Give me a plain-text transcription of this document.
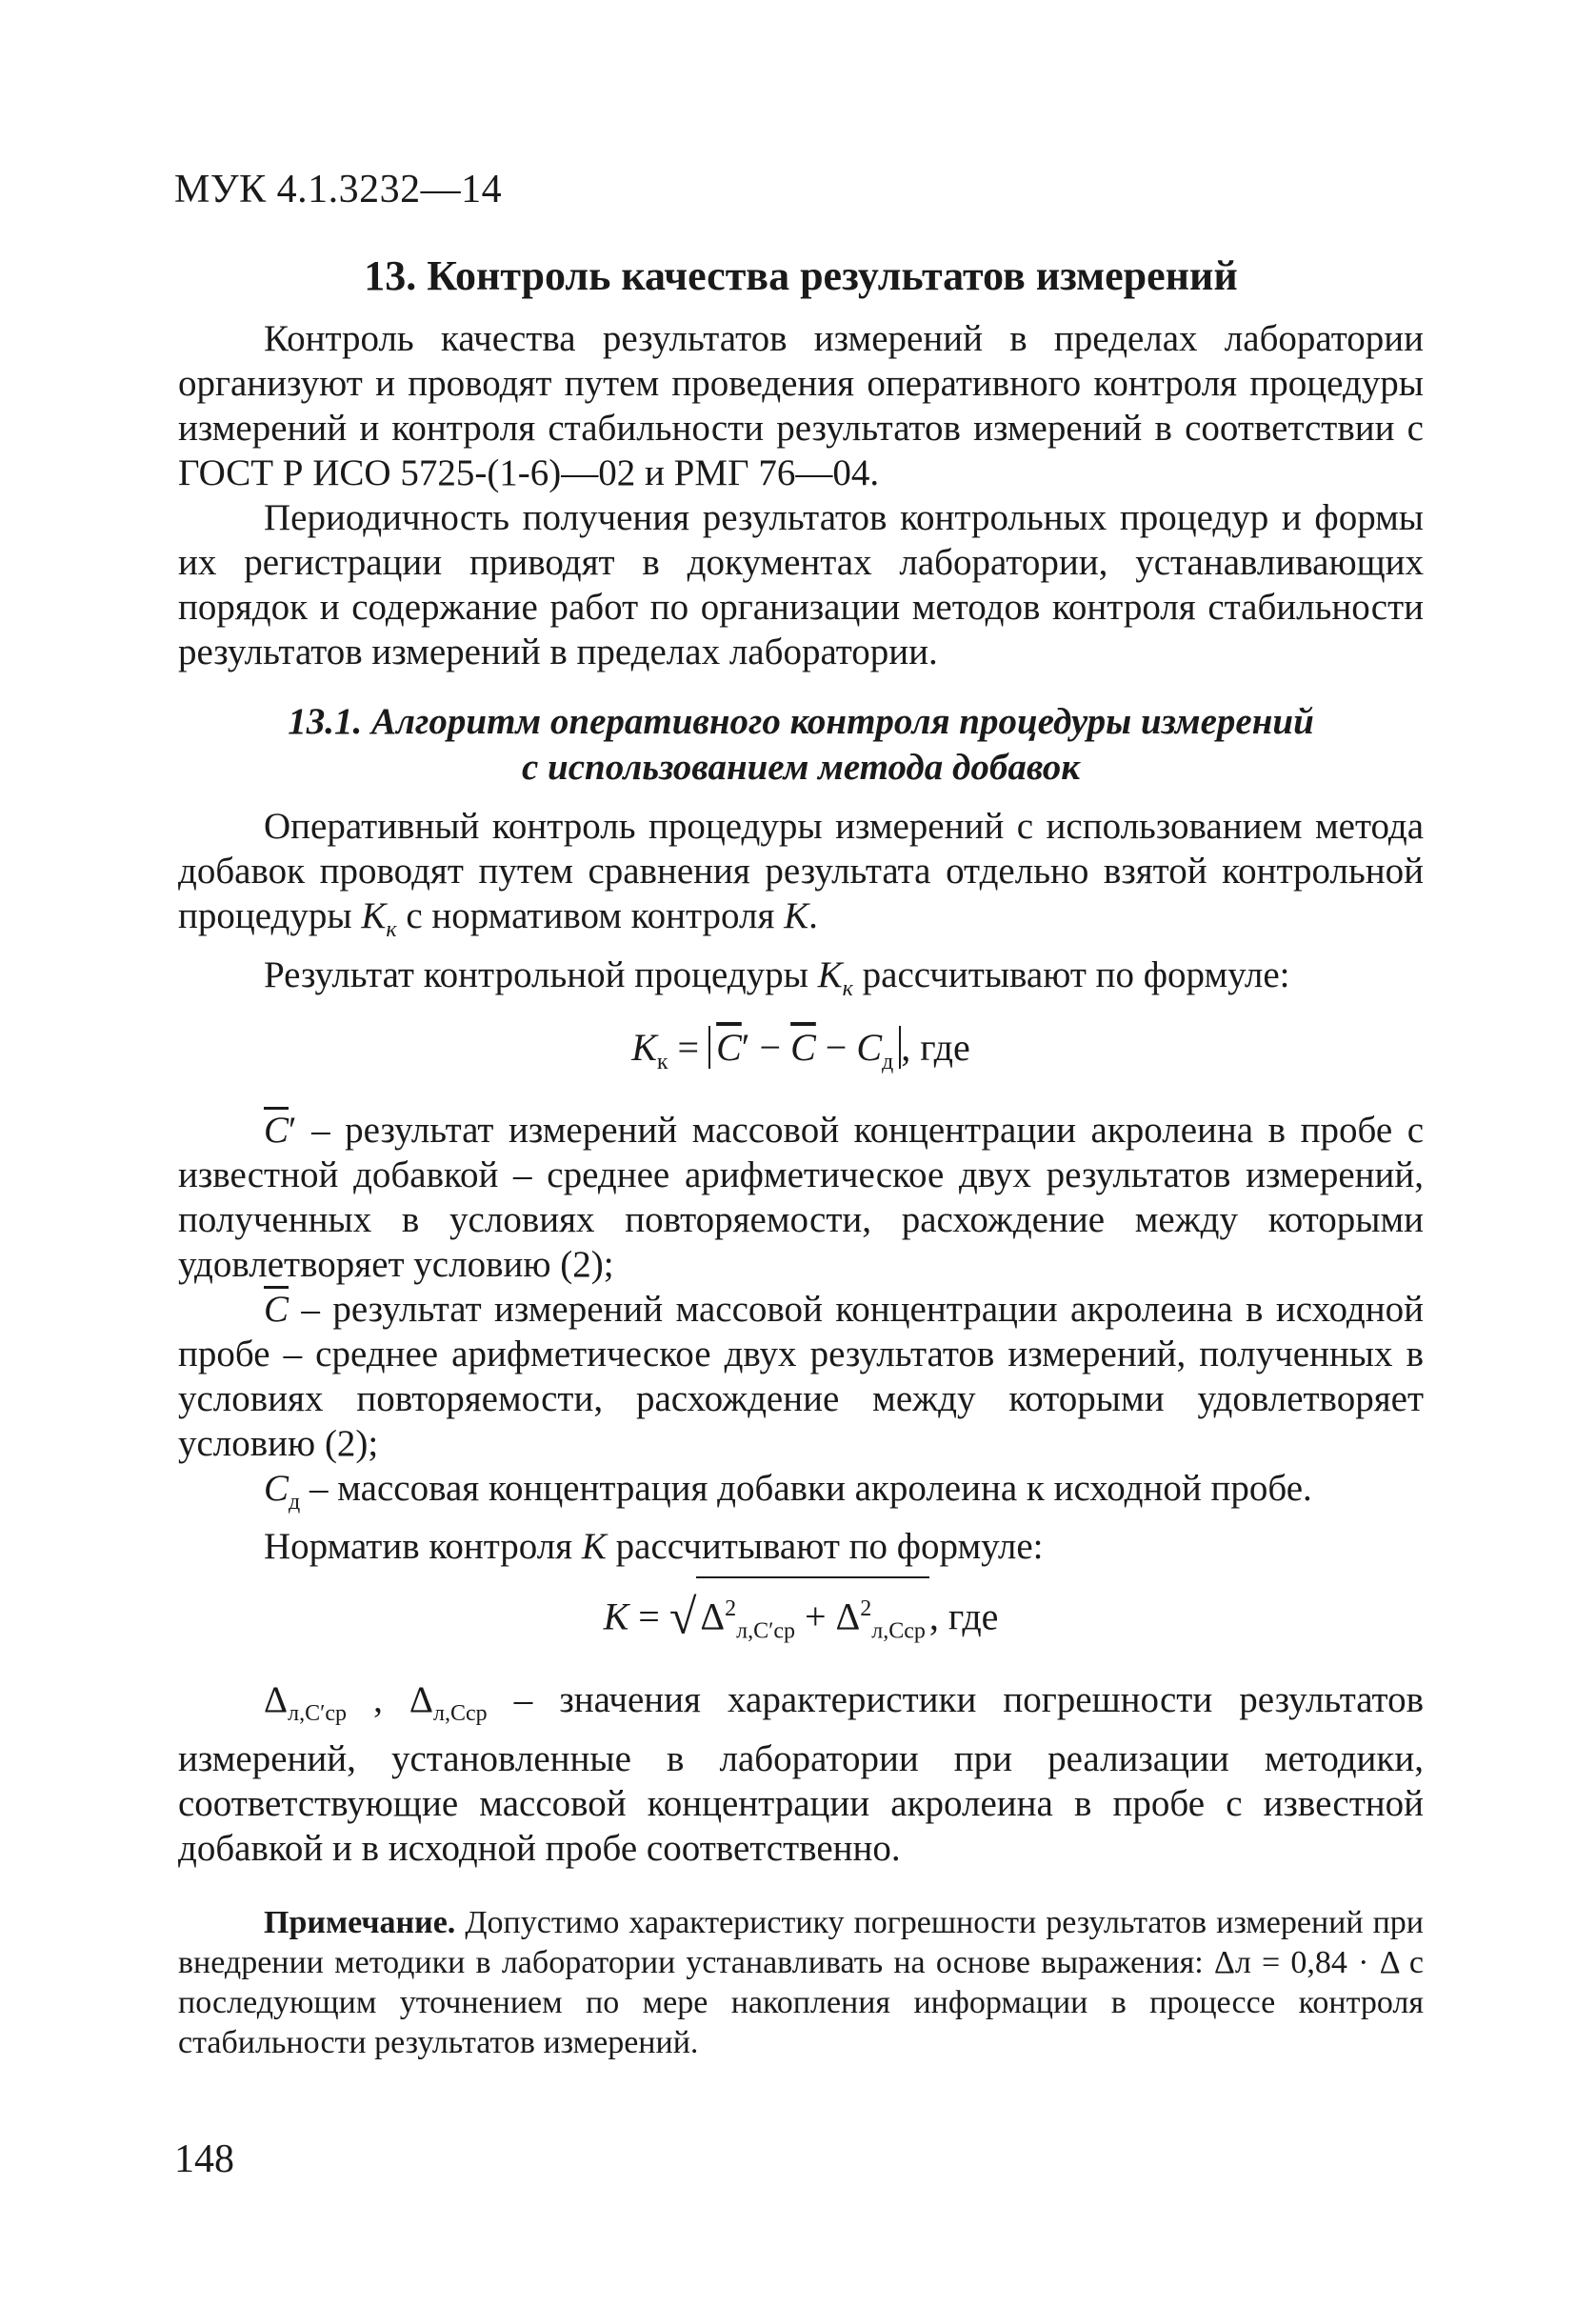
МУК 4.1.3232—14
13. Контроль качества результатов измерений

Контроль качества результатов измерений в пределах лаборатории организуют и проводят путем проведения оперативного контроля процедуры измерений и контроля стабильности результатов измерений в соответствии с ГОСТ Р ИСО 5725-(1-6)—02 и РМГ 76—04.

Периодичность получения результатов контрольных процедур и формы их регистрации приводят в документах лаборатории, устанавливающих порядок и содержание работ по организации методов контроля стабильности результатов измерений в пределах лаборатории.

13.1. Алгоритм оперативного контроля процедуры измерений
с использованием метода добавок

Оперативный контроль процедуры измерений с использованием метода добавок проводят путем сравнения результата отдельно взятой контрольной процедуры $K_к$ с нормативом контроля K.

Результат контрольной процедуры $K_к$ рассчитывают по формуле:

$K_к = \overline{C}' - \overline{C} - C_д$ , где

$\overline{C}'$ – результат измерений массовой концентрации акролеина в пробе с известной добавкой – среднее арифметическое двух результатов измерений, полученных в условиях повторяемости, расхождение между которыми удовлетворяет условию (2);

$\overline{C}$ – результат измерений массовой концентрации акролеина в исходной пробе – среднее арифметическое двух результатов измерений, полученных в условиях повторяемости, расхождение между которыми удовлетворяет условию (2);

$C_д$ – массовая концентрация добавки акролеина к исходной пробе.

Норматив контроля K рассчитывают по формуле:

K = √ $\Delta^2_{л,C'ср} + \Delta^2_{л,Cср}$ , где

$\Delta_{л,C'ср}$ , $\Delta_{л,Cср}$ – значения характеристики погрешности результатов измерений, установленные в лаборатории при реализации методики, соответствующие массовой концентрации акролеина в пробе с известной добавкой и в исходной пробе соответственно.

Примечание. Допустимо характеристику погрешности результатов измерений при внедрении методики в лаборатории устанавливать на основе выражения: Δл = 0,84 · Δ с последующим уточнением по мере накопления информации в процессе контроля стабильности результатов измерений.

148
